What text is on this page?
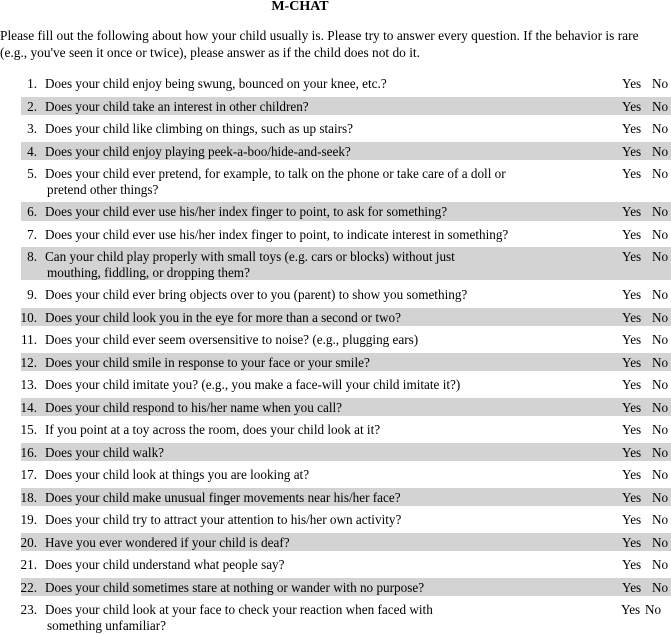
M-CHAT
Please fill out the following about how your child usually is. Please try to answer every question. If the behavior is rare (e.g., you've seen it once or twice), please answer as if the child does not do it.
1. Does your child enjoy being swung, bounced on your knee, etc.?	Yes No
2. Does your child take an interest in other children?	Yes No
3. Does your child like climbing on things, such as up stairs?	Yes No
4. Does your child enjoy playing peek-a-boo/hide-and-seek?	Yes No
5. Does your child ever pretend, for example, to talk on the phone or take care of a doll or
pretend other things?
Yes No
6. Does your child ever use his/her index finger to point, to ask for something?	Yes No
7. Does your child ever use his/her index finger to point, to indicate interest in something?	Yes No
8. Can your child play properly with small toys (e.g. cars or blocks) without just
mouthing, fiddling, or dropping them?
Yes No
9. Does your child ever bring objects over to you (parent) to show you something?	Yes No
10. Does your child look you in the eye for more than a second or two?	Yes No
11. Does your child ever seem oversensitive to noise? (e.g., plugging ears)	Yes No
12. Does your child smile in response to your face or your smile?	Yes No
13. Does your child imitate you? (e.g., you make a face-will your child imitate it?)	Yes No
14. Does your child respond to his/her name when you call?	Yes No
15. If you point at a toy across the room, does your child look at it?	Yes No
16. Does your child walk?	Yes No
17. Does your child look at things you are looking at?	Yes No
18. Does your child make unusual finger movements near his/her face?	Yes No
19. Does your child try to attract your attention to his/her own activity?	Yes No
20. Have you ever wondered if your child is deaf?	Yes No
21. Does your child understand what people say?	Yes No
22. Does your child sometimes stare at nothing or wander with no purpose?	Yes No
23. Does your child look at your face to check your reaction when faced with
something unfamiliar?
Yes No
